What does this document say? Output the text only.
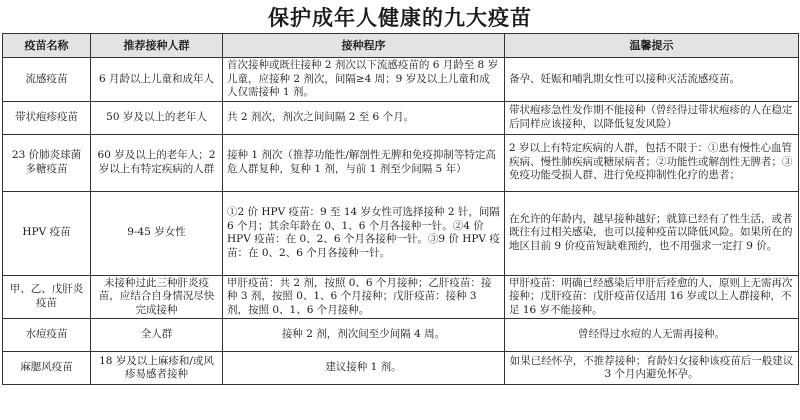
保护成年人健康的九大疫苗
疫苗名称	推荐接种人群	接种程序	温馨提示
流感疫苗	6 月龄以上儿童和成年人	首次接种或既往接种 2 剂次以下流感疫苗的 6 月龄至 8 岁儿童，应接种 2 剂次，间隔≥4 周；9 岁及以上儿童和成人仅需接种 1 剂。	备孕、妊娠和哺乳期女性可以接种灭活流感疫苗。
带状疱疹疫苗	50 岁及以上的老年人	共 2 剂次，剂次之间间隔 2 至 6 个月。	带状疱疹急性发作期不能接种（曾经得过带状疱疹的人在稳定后同样应该接种，以降低复发风险）
23 价肺炎球菌多糖疫苗	60 岁及以上的老年人；2 岁以上有特定疾病的人群	接种 1 剂次（推荐功能性/解剖性无脾和免疫抑制等特定高危人群复种，复种 1 剂，与前 1 剂至少间隔 5 年）	2 岁以上有特定疾病的人群，包括不限于：①患有慢性心血管疾病、慢性肺疾病或糖尿病者；②功能性或解剖性无脾者；③免疫功能受损人群、进行免疫抑制性化疗的患者；
HPV 疫苗	9-45 岁女性	①2 价 HPV 疫苗：9 至 14 岁女性可选择接种 2 针，间隔 6 个月；其余年龄在 0、1、6 个月各接种一针。②4 价 HPV 疫苗：在 0、2、6 个月各接种一针。③9 价 HPV 疫苗：在 0、2、6 个月各接种一针。	在允许的年龄内，越早接种越好；就算已经有了性生活，或者既往有过相关感染，也可以接种疫苗以降低风险。如果所在的地区目前 9 价疫苗短缺难预约，也不用强求一定打 9 价。
甲、乙、戊肝炎疫苗	未接种过此三种肝炎疫苗，应结合自身情况尽快完成接种	甲肝疫苗：共 2 剂，按照 0、6 个月接种；乙肝疫苗：接种 3 剂，按照 0、1、6 个月接种；戊肝疫苗：接种 3 剂，按照 0、1、6 个月接种。	甲肝疫苗：明确已经感染后甲肝后痊愈的人，原则上无需再次接种；戊肝疫苗：戊肝疫苗仅适用 16 岁或以上人群接种，不足 16 岁不能接种。
水痘疫苗	全人群	接种 2 剂，剂次间至少间隔 4 周。	曾经得过水痘的人无需再接种。
麻腮风疫苗	18 岁及以上麻疹和/或风疹易感者接种	建议接种 1 剂。	如果已经怀孕，不推荐接种；育龄妇女接种该疫苗后一般建议 3 个月内避免怀孕。
